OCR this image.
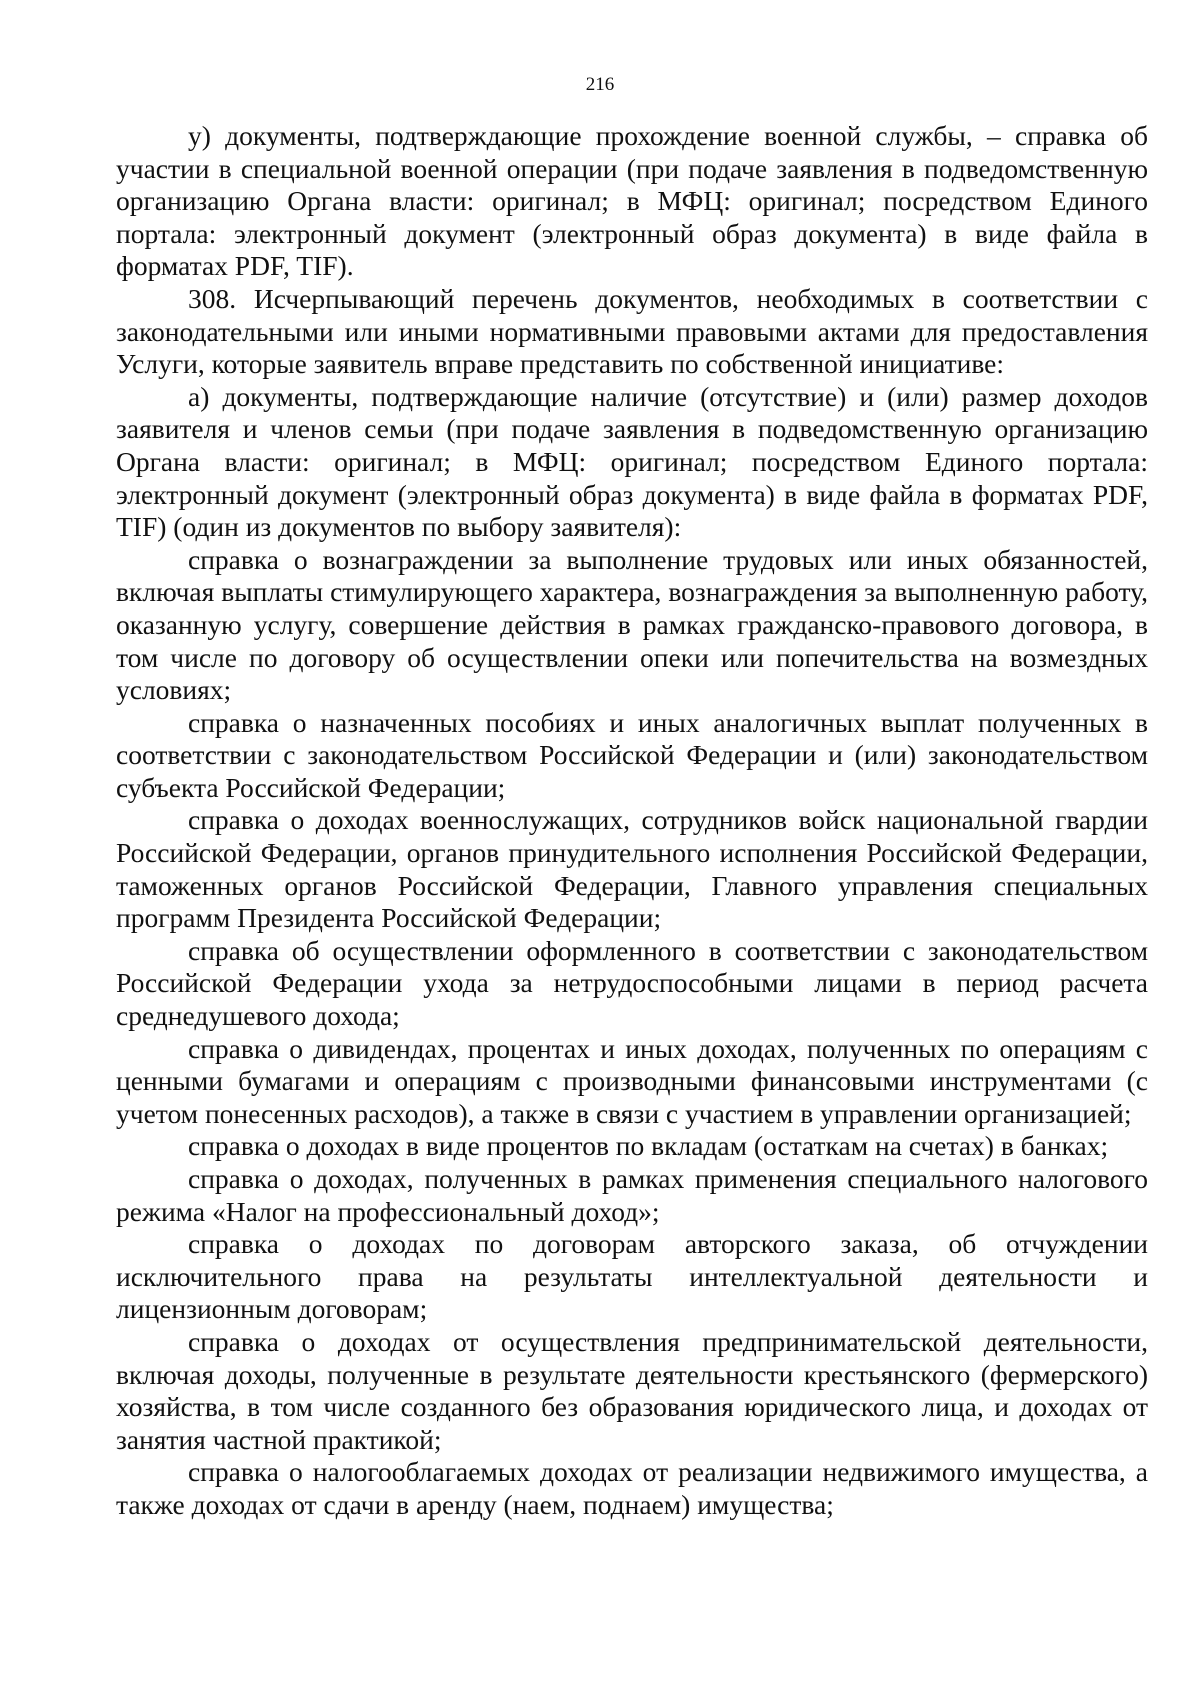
216

у) документы, подтверждающие прохождение военной службы, – справка об участии в специальной военной операции (при подаче заявления в подведомственную организацию Органа власти: оригинал; в МФЦ: оригинал; посредством Единого портала: электронный документ (электронный образ документа) в виде файла в форматах PDF, TIF).

308. Исчерпывающий перечень документов, необходимых в соответствии с законодательными или иными нормативными правовыми актами для предоставления Услуги, которые заявитель вправе представить по собственной инициативе:

а) документы, подтверждающие наличие (отсутствие) и (или) размер доходов заявителя и членов семьи (при подаче заявления в подведомственную организацию Органа власти: оригинал; в МФЦ: оригинал; посредством Единого портала: электронный документ (электронный образ документа) в виде файла в форматах PDF, TIF) (один из документов по выбору заявителя):

справка о вознаграждении за выполнение трудовых или иных обязанностей, включая выплаты стимулирующего характера, вознаграждения за выполненную работу, оказанную услугу, совершение действия в рамках гражданско-правового договора, в том числе по договору об осуществлении опеки или попечительства на возмездных условиях;

справка о назначенных пособиях и иных аналогичных выплат полученных в соответствии с законодательством Российской Федерации и (или) законодательством субъекта Российской Федерации;

справка о доходах военнослужащих, сотрудников войск национальной гвардии Российской Федерации, органов принудительного исполнения Российской Федерации, таможенных органов Российской Федерации, Главного управления специальных программ Президента Российской Федерации;

справка об осуществлении оформленного в соответствии с законодательством Российской Федерации ухода за нетрудоспособными лицами в период расчета среднедушевого дохода;

справка о дивидендах, процентах и иных доходах, полученных по операциям с ценными бумагами и операциям с производными финансовыми инструментами (с учетом понесенных расходов), а также в связи с участием в управлении организацией;

справка о доходах в виде процентов по вкладам (остаткам на счетах) в банках;

справка о доходах, полученных в рамках применения специального налогового режима «Налог на профессиональный доход»;

справка о доходах по договорам авторского заказа, об отчуждении исключительного права на результаты интеллектуальной деятельности и лицензионным договорам;

справка о доходах от осуществления предпринимательской деятельности, включая доходы, полученные в результате деятельности крестьянского (фермерского) хозяйства, в том числе созданного без образования юридического лица, и доходах от занятия частной практикой;

справка о налогооблагаемых доходах от реализации недвижимого имущества, а также доходах от сдачи в аренду (наем, поднаем) имущества;
